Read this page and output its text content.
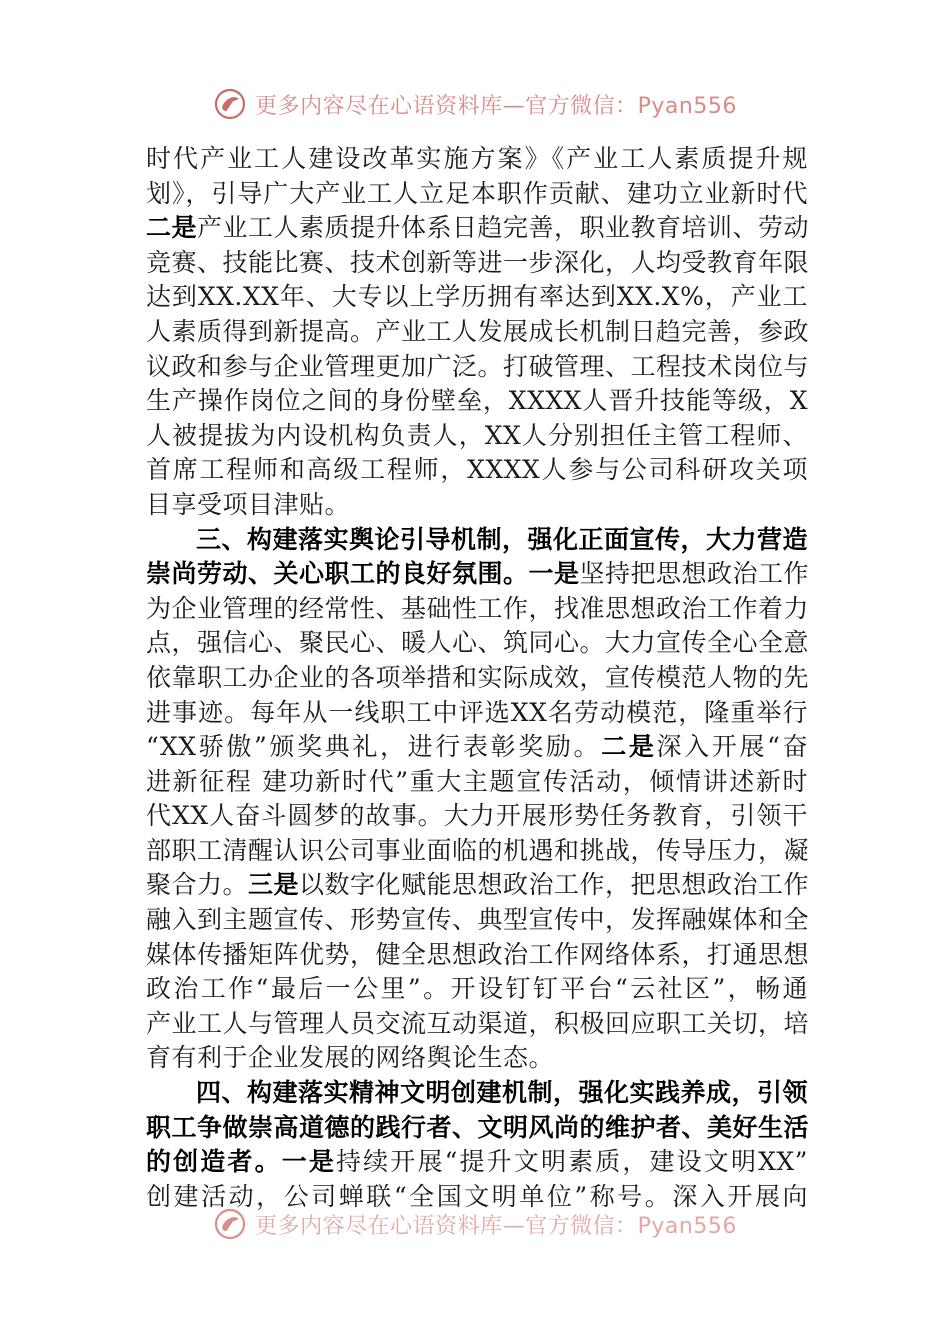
更多内容尽在心语资料库—官方微信：Pyan556
时代产业工人建设改革实施方案》《产业工人素质提升规
划》，引导广大产业工人立足本职作贡献、建功立业新时代
二是产业工人素质提升体系日趋完善，职业教育培训、劳动
竞赛、技能比赛、技术创新等进一步深化，人均受教育年限
达到XX.XX年、大专以上学历拥有率达到XX.X%，产业工
人素质得到新提高。产业工人发展成长机制日趋完善，参政
议政和参与企业管理更加广泛。打破管理、工程技术岗位与
生产操作岗位之间的身份壁垒，XXXX人晋升技能等级，X
人被提拔为内设机构负责人，XX人分别担任主管工程师、
首席工程师和高级工程师，XXXX人参与公司科研攻关项
目享受项目津贴。
三、构建落实舆论引导机制，强化正面宣传，大力营造
崇尚劳动、关心职工的良好氛围。一是坚持把思想政治工作
为企业管理的经常性、基础性工作，找准思想政治工作着力
点，强信心、聚民心、暖人心、筑同心。大力宣传全心全意
依靠职工办企业的各项举措和实际成效，宣传模范人物的先
进事迹。每年从一线职工中评选XX名劳动模范，隆重举行
“XX骄傲”颁奖典礼，进行表彰奖励。二是深入开展“奋
进新征程 建功新时代”重大主题宣传活动，倾情讲述新时
代XX人奋斗圆梦的故事。大力开展形势任务教育，引领干
部职工清醒认识公司事业面临的机遇和挑战，传导压力，凝
聚合力。三是以数字化赋能思想政治工作，把思想政治工作
融入到主题宣传、形势宣传、典型宣传中，发挥融媒体和全
媒体传播矩阵优势，健全思想政治工作网络体系，打通思想
政治工作“最后一公里”。开设钉钉平台“云社区”，畅通
产业工人与管理人员交流互动渠道，积极回应职工关切，培
育有利于企业发展的网络舆论生态。
四、构建落实精神文明创建机制，强化实践养成，引领
职工争做崇高道德的践行者、文明风尚的维护者、美好生活
的创造者。一是持续开展“提升文明素质，建设文明XX”
创建活动，公司蝉联“全国文明单位”称号。深入开展向
更多内容尽在心语资料库—官方微信：Pyan556
